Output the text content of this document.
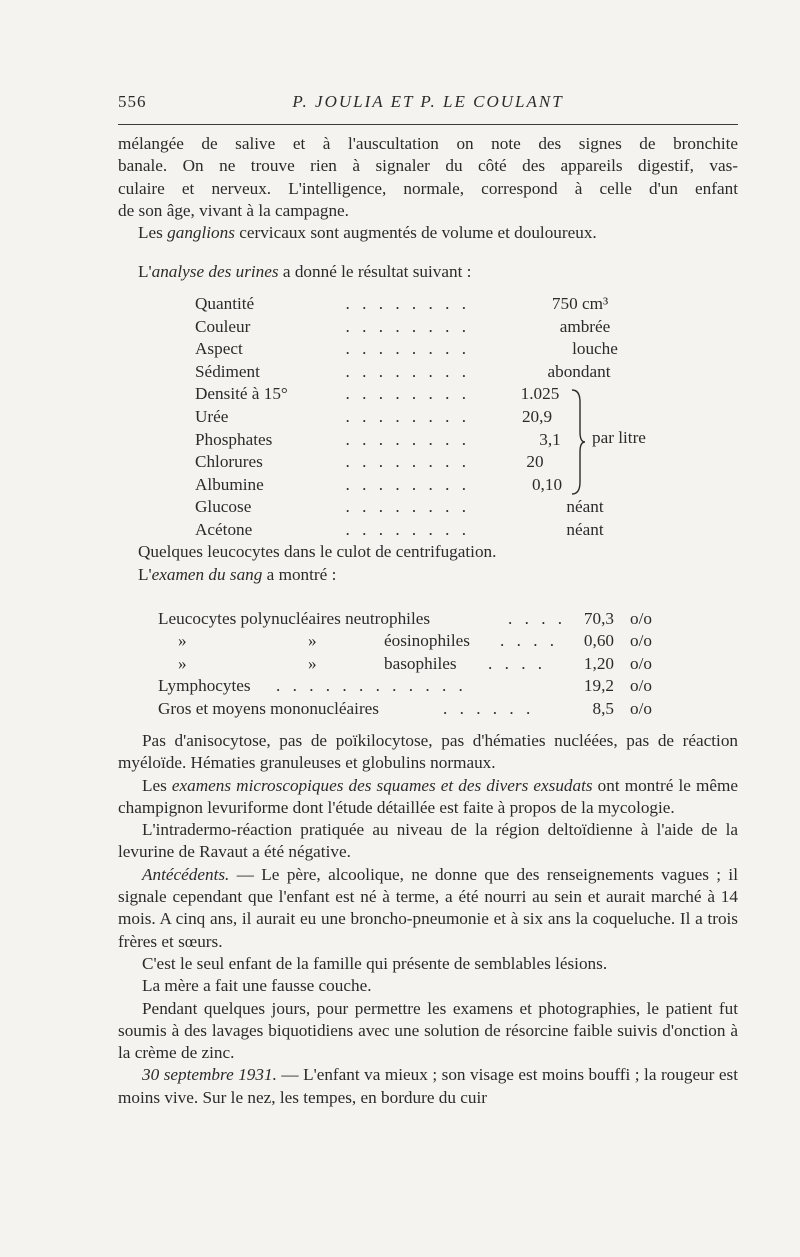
556	P. JOULIA ET P. LE COULANT
mélangée de salive et à l'auscultation on note des signes de bronchite
banale. On ne trouve rien à signaler du côté des appareils digestif, vas-
culaire et nerveux. L'intelligence, normale, correspond à celle d'un enfant
de son âge, vivant à la campagne.
Les ganglions cervicaux sont augmentés de volume et douloureux.
L'analyse des urines a donné le résultat suivant :
. . . . . . . .
Quantité	750 cm³
. . . . . . . .
Couleur	ambrée
. . . . . . . .
Aspect	louche
. . . . . . . .
Sédiment	abondant
. . . . . . . .
Densité à 15°	1.025
. . . . . . . .
Urée	20,9
. . . . . . . .
Phosphates	3,1
. . . . . . . .
Chlorures	20
. . . . . . . .
Albumine	0,10
. . . . . . . .
Glucose	néant
. . . . . . . .
Acétone	néant
par litre
Quelques leucocytes dans le culot de centrifugation.
L'examen du sang a montré :
Leucocytes polynucléaires neutrophiles	. . . . 70,3 o/o
»	»	éosinophiles . . . . 0,60 o/o
»	»	basophiles . . . . 1,20 o/o
Lymphocytes . . . . . . . . . . . .	19,2 o/o
Gros et moyens mononucléaires	. . . . . .	8,5 o/o

Pas d'anisocytose, pas de poïkilocytose, pas d'hématies nucléées, pas de réaction myéloïde. Hématies granuleuses et globulins normaux.

Les examens microscopiques des squames et des divers exsudats ont montré le même champignon levuriforme dont l'étude détaillée est faite à propos de la mycologie.

L'intradermo-réaction pratiquée au niveau de la région deltoïdienne à l'aide de la levurine de Ravaut a été négative.

Antécédents. — Le père, alcoolique, ne donne que des renseignements vagues ; il signale cependant que l'enfant est né à terme, a été nourri au sein et aurait marché à 14 mois. A cinq ans, il aurait eu une broncho-pneumonie et à six ans la coqueluche. Il a trois frères et sœurs.

C'est le seul enfant de la famille qui présente de semblables lésions.

La mère a fait une fausse couche.

Pendant quelques jours, pour permettre les examens et photographies, le patient fut soumis à des lavages biquotidiens avec une solution de résorcine faible suivis d'onction à la crème de zinc.

30 septembre 1931. — L'enfant va mieux ; son visage est moins bouffi ; la rougeur est moins vive. Sur le nez, les tempes, en bordure du cuir
